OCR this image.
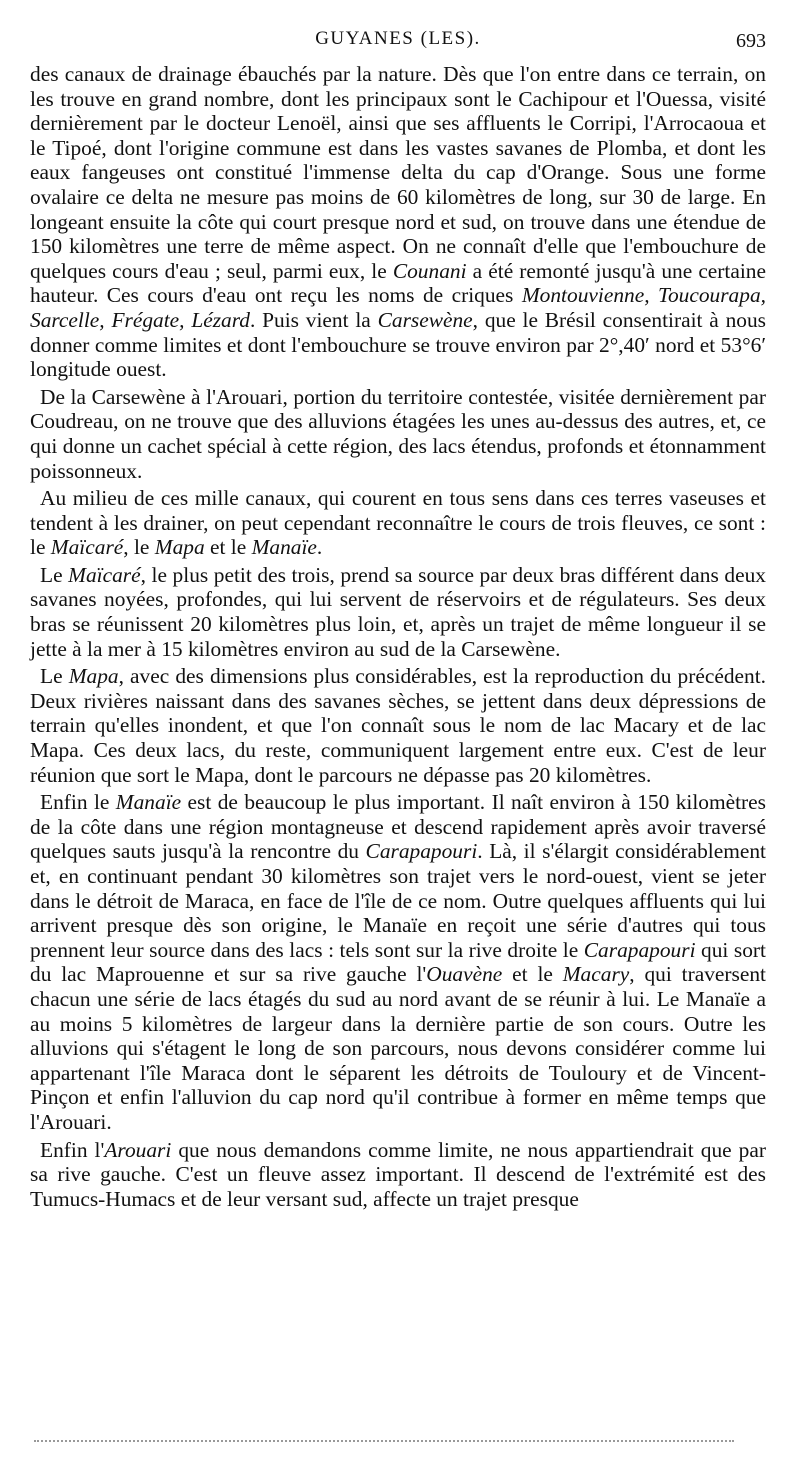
GUYANES (LES).	693

des canaux de drainage ébauchés par la nature. Dès que l'on entre dans ce terrain, on les trouve en grand nombre, dont les principaux sont le Cachipour et l'Ouessa, visité dernièrement par le docteur Lenoël, ainsi que ses affluents le Corripi, l'Arrocaoua et le Tipoé, dont l'origine commune est dans les vastes savanes de Plomba, et dont les eaux fangeuses ont constitué l'immense delta du cap d'Orange. Sous une forme ovalaire ce delta ne mesure pas moins de 60 kilomètres de long, sur 30 de large. En longeant ensuite la côte qui court presque nord et sud, on trouve dans une étendue de 150 kilomètres une terre de même aspect. On ne connaît d'elle que l'embouchure de quelques cours d'eau ; seul, parmi eux, le Counani a été remonté jusqu'à une certaine hauteur. Ces cours d'eau ont reçu les noms de criques Montouvienne, Toucourapa, Sarcelle, Frégate, Lézard. Puis vient la Carsewène, que le Brésil consentirait à nous donner comme limites et dont l'embouchure se trouve environ par 2°,40′ nord et 53°6′ longitude ouest.

De la Carsewène à l'Arouari, portion du territoire contestée, visitée dernièrement par Coudreau, on ne trouve que des alluvions étagées les unes au-dessus des autres, et, ce qui donne un cachet spécial à cette région, des lacs étendus, profonds et étonnamment poissonneux.

Au milieu de ces mille canaux, qui courent en tous sens dans ces terres vaseuses et tendent à les drainer, on peut cependant reconnaître le cours de trois fleuves, ce sont : le Maïcaré, le Mapa et le Manaïe.

Le Maïcaré, le plus petit des trois, prend sa source par deux bras différent dans deux savanes noyées, profondes, qui lui servent de réservoirs et de régulateurs. Ses deux bras se réunissent 20 kilomètres plus loin, et, après un trajet de même longueur il se jette à la mer à 15 kilomètres environ au sud de la Carsewène.

Le Mapa, avec des dimensions plus considérables, est la reproduction du précédent. Deux rivières naissant dans des savanes sèches, se jettent dans deux dépressions de terrain qu'elles inondent, et que l'on connaît sous le nom de lac Macary et de lac Mapa. Ces deux lacs, du reste, communiquent largement entre eux. C'est de leur réunion que sort le Mapa, dont le parcours ne dépasse pas 20 kilomètres.

Enfin le Manaïe est de beaucoup le plus important. Il naît environ à 150 kilomètres de la côte dans une région montagneuse et descend rapidement après avoir traversé quelques sauts jusqu'à la rencontre du Carapapouri. Là, il s'élargit considérablement et, en continuant pendant 30 kilomètres son trajet vers le nord-ouest, vient se jeter dans le détroit de Maraca, en face de l'île de ce nom. Outre quelques affluents qui lui arrivent presque dès son origine, le Manaïe en reçoit une série d'autres qui tous prennent leur source dans des lacs : tels sont sur la rive droite le Carapapouri qui sort du lac Maprouenne et sur sa rive gauche l'Ouavène et le Macary, qui traversent chacun une série de lacs étagés du sud au nord avant de se réunir à lui. Le Manaïe a au moins 5 kilomètres de largeur dans la dernière partie de son cours. Outre les alluvions qui s'étagent le long de son parcours, nous devons considérer comme lui appartenant l'île Maraca dont le séparent les détroits de Touloury et de Vincent-Pinçon et enfin l'alluvion du cap nord qu'il contribue à former en même temps que l'Arouari.

Enfin l'Arouari que nous demandons comme limite, ne nous appartiendrait que par sa rive gauche. C'est un fleuve assez important. Il descend de l'extrémité est des Tumucs-Humacs et de leur versant sud, affecte un trajet presque
